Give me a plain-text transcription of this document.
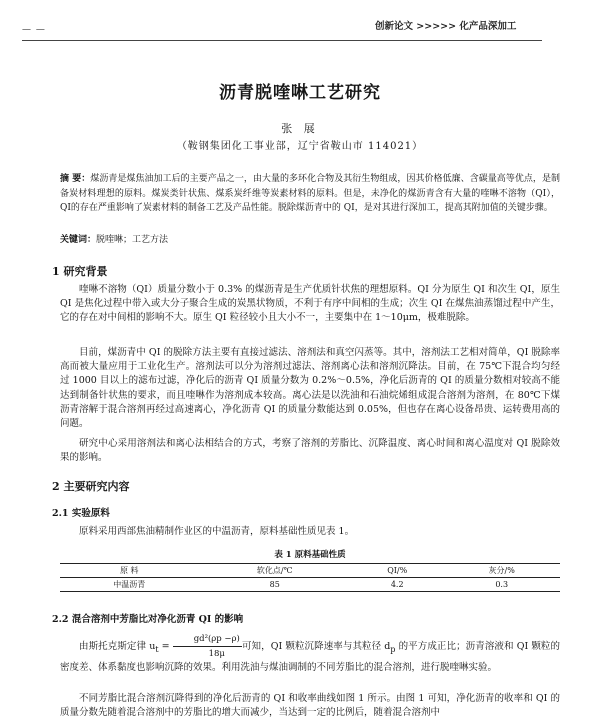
— —	创新论文 >>>>> 化产品深加工
沥青脱喹啉工艺研究
张 展
（鞍钢集团化工事业部，辽宁省鞍山市 114021）
摘 要：煤沥青是煤焦油加工后的主要产品之一，由大量的多环化合物及其衍生物组成，因其价格低廉、含碳量高等优点，是制备炭材料理想的原料。煤炭类针状焦、煤系炭纤维等炭素材料的原料。但是，未净化的煤沥青含有大量的喹啉不溶物（QI），QI的存在严重影响了炭素材料的制备工艺及产品性能。脱除煤沥青中的 QI，是对其进行深加工，提高其附加值的关键步骤。
关键词：脱喹啉；工艺方法
1 研究背景
喹啉不溶物（QI）质量分数小于 0.3% 的煤沥青是生产优质针状焦的理想原料。QI 分为原生 QI 和次生 QI，原生 QI 是焦化过程中带入或大分子聚合生成的炭黑状物质，不利于有序中间相的生成；次生 QI 在煤焦油蒸馏过程中产生，它的存在对中间相的影响不大。原生 QI 粒径较小且大小不一，主要集中在 1～10μm，极难脱除。
目前，煤沥青中 QI 的脱除方法主要有直接过滤法、溶剂法和真空闪蒸等。其中，溶剂法工艺相对简单，QI 脱除率高而被大量应用于工业化生产。溶剂法可以分为溶剂过滤法、溶剂离心法和溶剂沉降法。目前，在 75℃下混合均匀经过 1000 目以上的滤布过滤，净化后的沥青 QI 质量分数为 0.2%～0.5%，净化后沥青的 QI 的质量分数相对较高不能达到制备针状焦的要求，而且喹啉作为溶剂成本较高。离心法是以洗油和石油烷烯组成混合溶剂为溶剂，在 80℃下煤沥青溶解于混合溶剂再经过高速离心，净化沥青 QI 的质量分数能达到 0.05%，但也存在离心设备昂贵、运转费用高的问题。
研究中心采用溶剂法和离心法相结合的方式，考察了溶剂的芳脂比、沉降温度、离心时间和离心温度对 QI 脱除效果的影响。
2 主要研究内容
2.1 实验原料
原料采用西部焦油精制作业区的中温沥青，原料基础性质见表 1。
表 1 原料基础性质
原 料	软化点/℃	QI/%	灰分/%
中温沥青	85	4.2	0.3
2.2 混合溶剂中芳脂比对净化沥青 QI 的影响
由斯托克斯定律 $u_t = \frac{\text{gd²(ρp −ρ)}}{18\mu}$ 可知，QI 颗粒沉降速率与其粒径 $d_p$ 的平方成正比；沥青溶液和 QI 颗粒的密度差、体系黏度也影响沉降的效果。利用洗油与煤油调制的不同芳脂比的混合溶剂，进行脱喹啉实验。
不同芳脂比混合溶剂沉降得到的净化后沥青的 QI 和收率曲线如图 1 所示。由图 1 可知，净化沥青的收率和 QI 的质量分数先随着混合溶剂中的芳脂比的增大而减少，当达到一定的比例后，随着混合溶剂中
